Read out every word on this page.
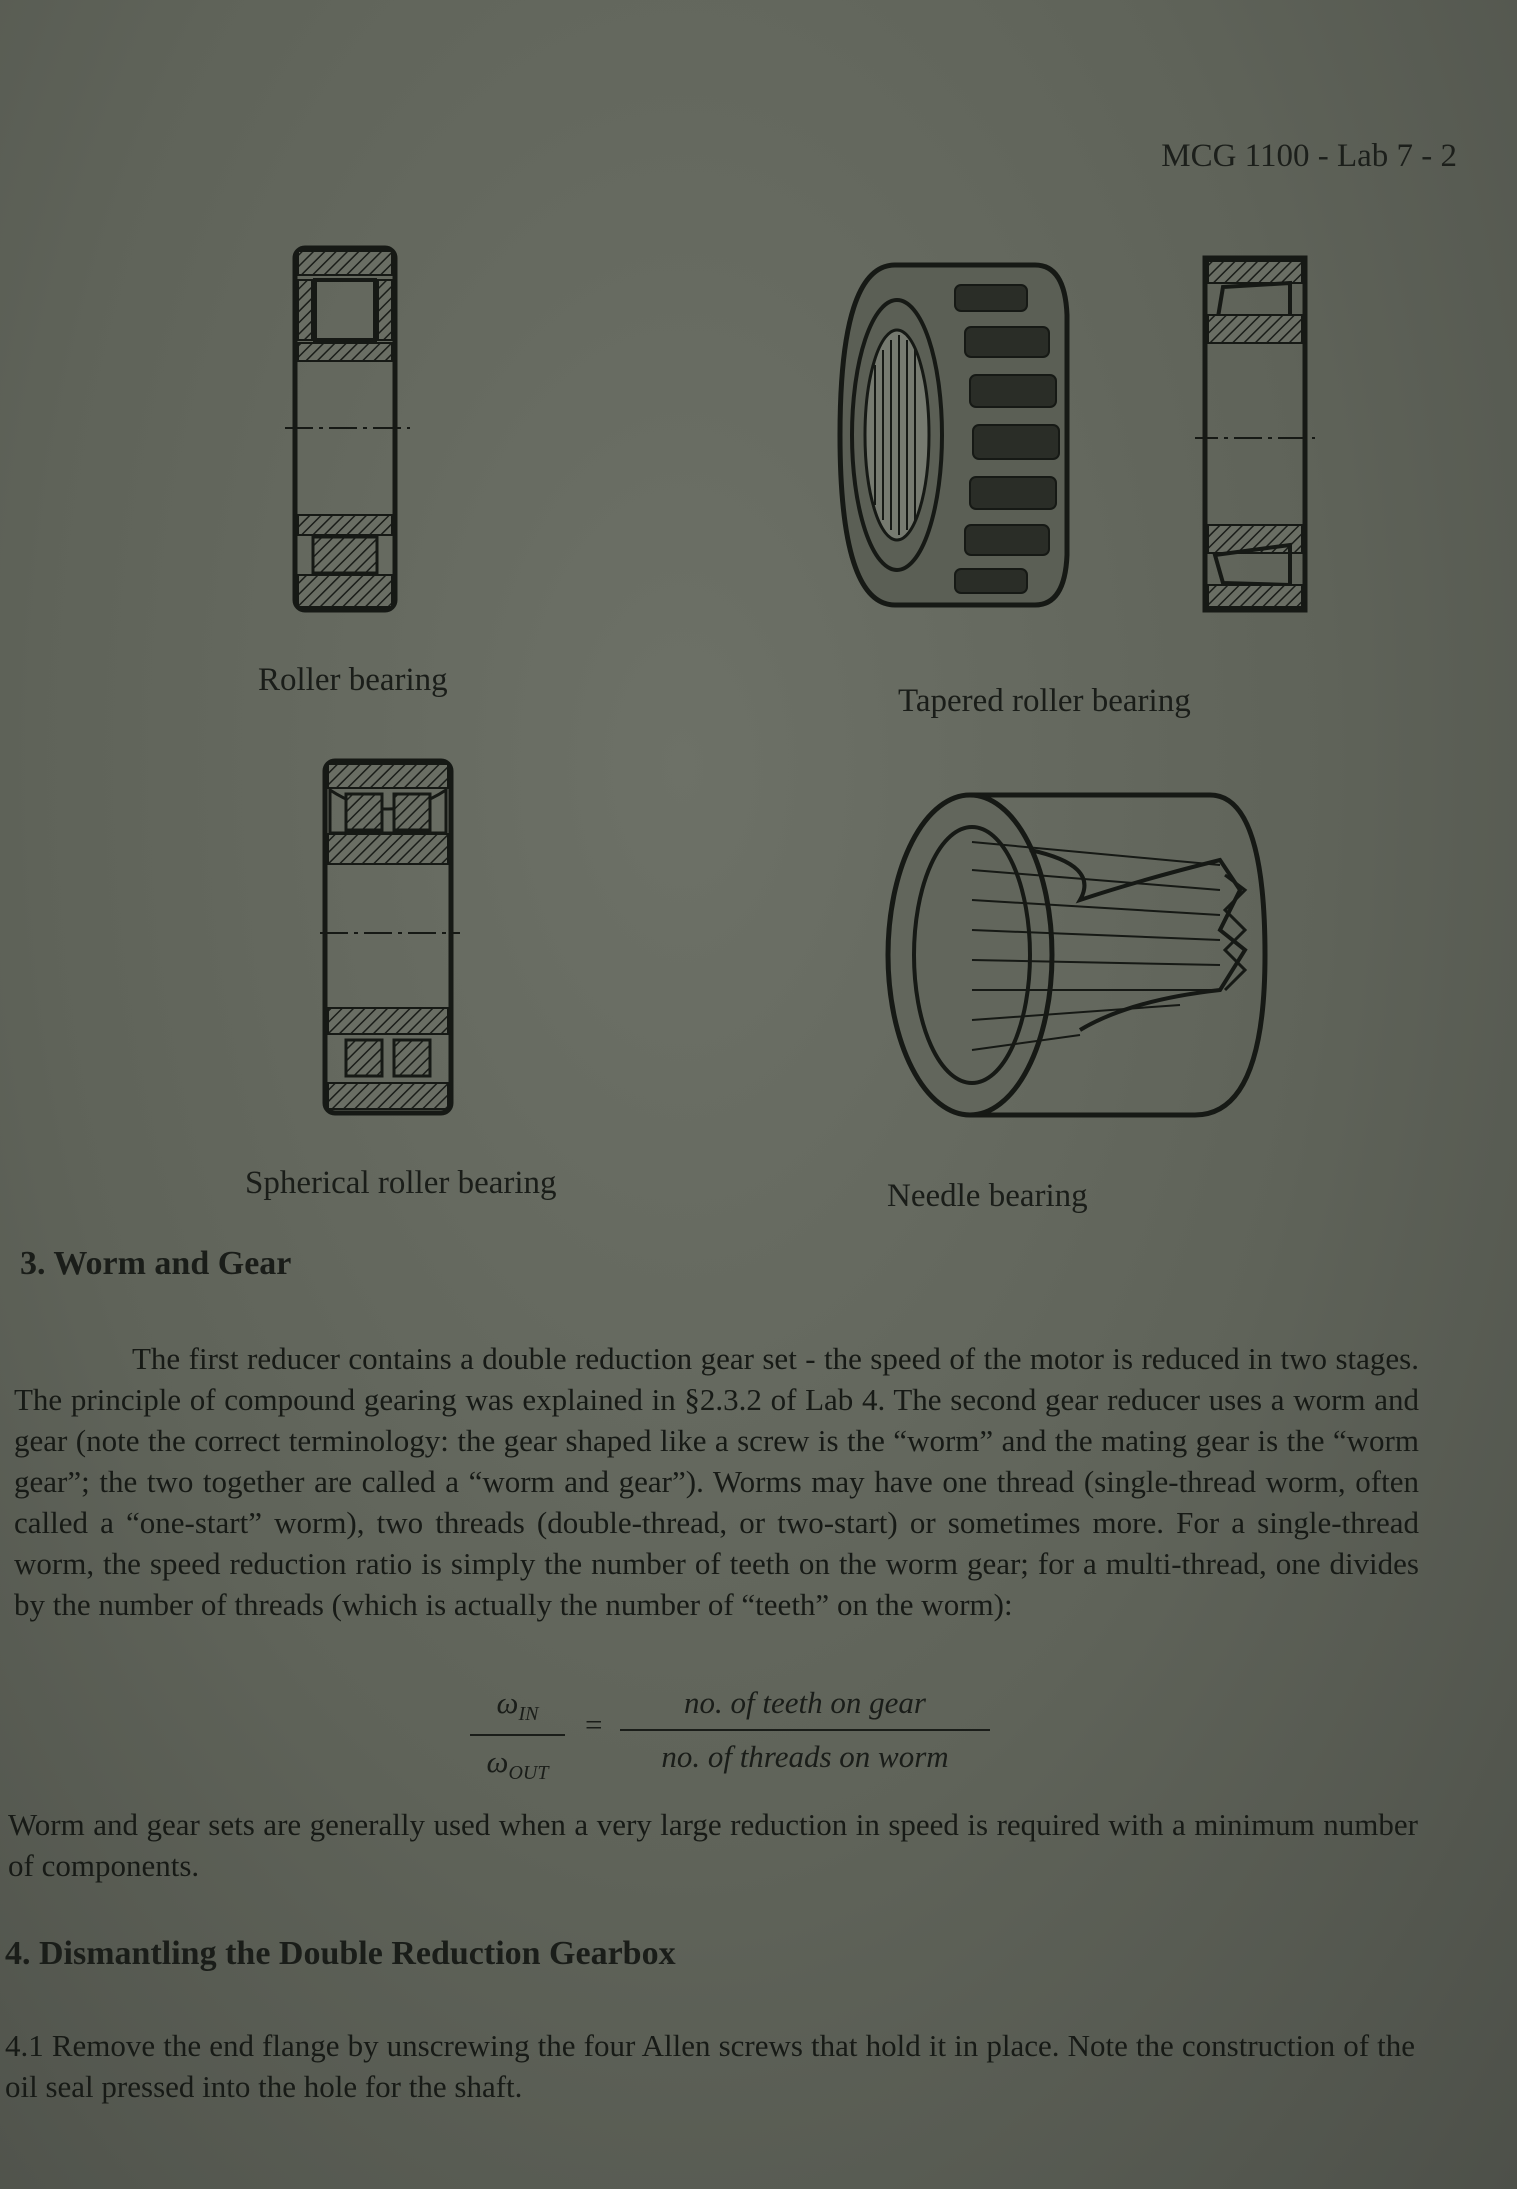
MCG 1100 - Lab 7 - 2
Roller bearing
Tapered roller bearing
Spherical roller bearing	Needle bearing
3. Worm and Gear
The first reducer contains a double reduction gear set - the speed of the motor is reduced in two stages. The principle of compound gearing was explained in §2.3.2 of Lab 4. The second gear reducer uses a worm and gear (note the correct terminology: the gear shaped like a screw is the “worm” and the mating gear is the “worm gear”; the two together are called a “worm and gear”). Worms may have one thread (single-thread worm, often called a “one-start” worm), two threads (double-thread, or two-start) or sometimes more. For a single-thread worm, the speed reduction ratio is simply the number of teeth on the worm gear; for a multi-thread, one divides by the number of threads (which is actually the number of “teeth” on the worm):
$\omega_{IN}$
$\omega_{OUT}$
=
no. of teeth on gear
no. of threads on worm
Worm and gear sets are generally used when a very large reduction in speed is required with a minimum number of components.
4. Dismantling the Double Reduction Gearbox
4.1 Remove the end flange by unscrewing the four Allen screws that hold it in place. Note the construction of the oil seal pressed into the hole for the shaft.
